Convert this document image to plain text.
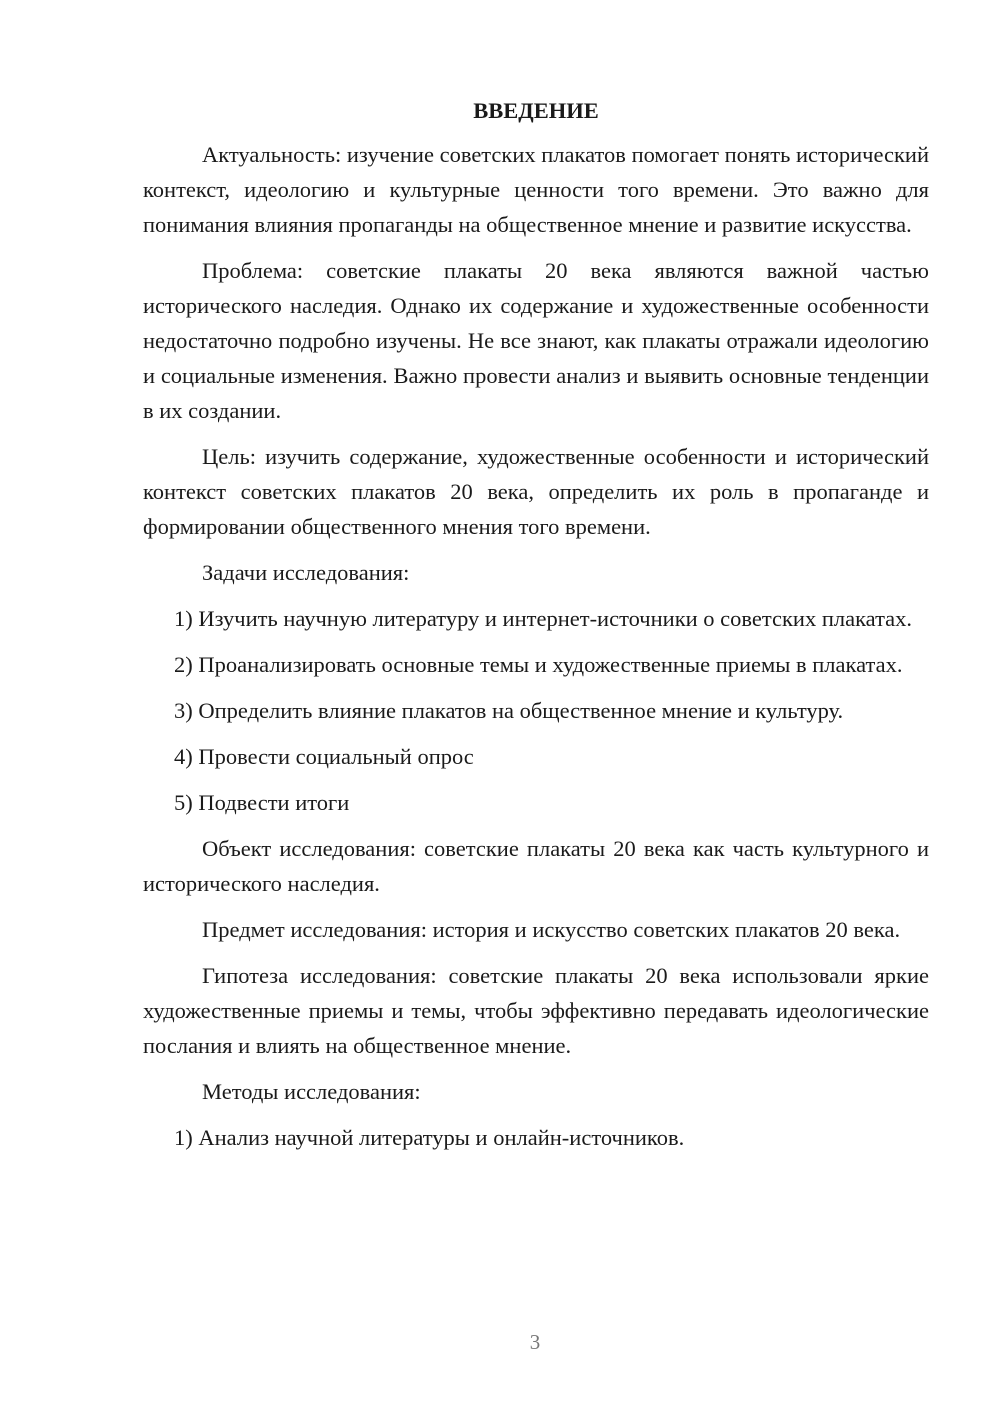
ВВЕДЕНИЕ

Актуальность: изучение советских плакатов помогает понять исторический контекст, идеологию и культурные ценности того времени. Это важно для понимания влияния пропаганды на общественное мнение и развитие искусства.

Проблема: советские плакаты 20 века являются важной частью исторического наследия. Однако их содержание и художественные особенности недостаточно подробно изучены. Не все знают, как плакаты отражали идеологию и социальные изменения. Важно провести анализ и выявить основные тенденции в их создании.

Цель: изучить содержание, художественные особенности и исторический контекст советских плакатов 20 века, определить их роль в пропаганде и формировании общественного мнения того времени.

Задачи исследования:

1) Изучить научную литературу и интернет-источники о советских плакатах.

2) Проанализировать основные темы и художественные приемы в плакатах.

3) Определить влияние плакатов на общественное мнение и культуру.

4) Провести социальный опрос

5) Подвести итоги

Объект исследования: советские плакаты 20 века как часть культурного и исторического наследия.

Предмет исследования: история и искусство советских плакатов 20 века.

Гипотеза исследования: советские плакаты 20 века использовали яркие художественные приемы и темы, чтобы эффективно передавать идеологические послания и влиять на общественное мнение.

Методы исследования:

1) Анализ научной литературы и онлайн-источников.

3
